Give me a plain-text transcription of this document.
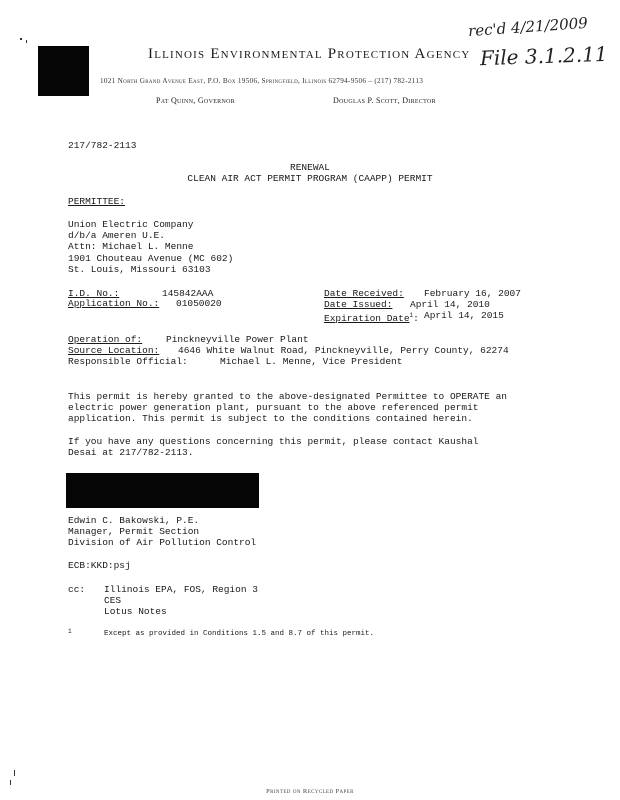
rec'd 4/21/2009
File 3.1.2.11
Illinois Environmental Protection Agency
1021 North Grand Avenue East, P.O. Box 19506, Springfield, Illinois 62794-9506 – (217) 782-2113
Pat Quinn, Governor	Douglas P. Scott, Director
217/782-2113
RENEWAL
CLEAN AIR ACT PERMIT PROGRAM (CAAPP) PERMIT
PERMITTEE:
Union Electric Company
d/b/a Ameren U.E.
Attn: Michael L. Menne
1901 Chouteau Avenue (MC 602)
St. Louis, Missouri 63103
I.D. No.:	145842AAA
Application No.: 01050020
Date Received: February 16, 2007
Date Issued: April 14, 2010
Expiration Date$^1$: April 14, 2015
Operation of:	Pinckneyville Power Plant
Source Location: 4646 White Walnut Road, Pinckneyville, Perry County, 62274
Responsible Official:	Michael L. Menne, Vice President
This permit is hereby granted to the above-designated Permittee to OPERATE an
electric power generation plant, pursuant to the above referenced permit
application. This permit is subject to the conditions contained herein.
If you have any questions concerning this permit, please contact Kaushal
Desai at 217/782-2113.
Edwin C. Bakowski, P.E.
Manager, Permit Section
Division of Air Pollution Control
ECB:KKD:psj
cc: Illinois EPA, FOS, Region 3
CES
Lotus Notes
1	Except as provided in Conditions 1.5 and 8.7 of this permit.
Printed on Recycled Paper
